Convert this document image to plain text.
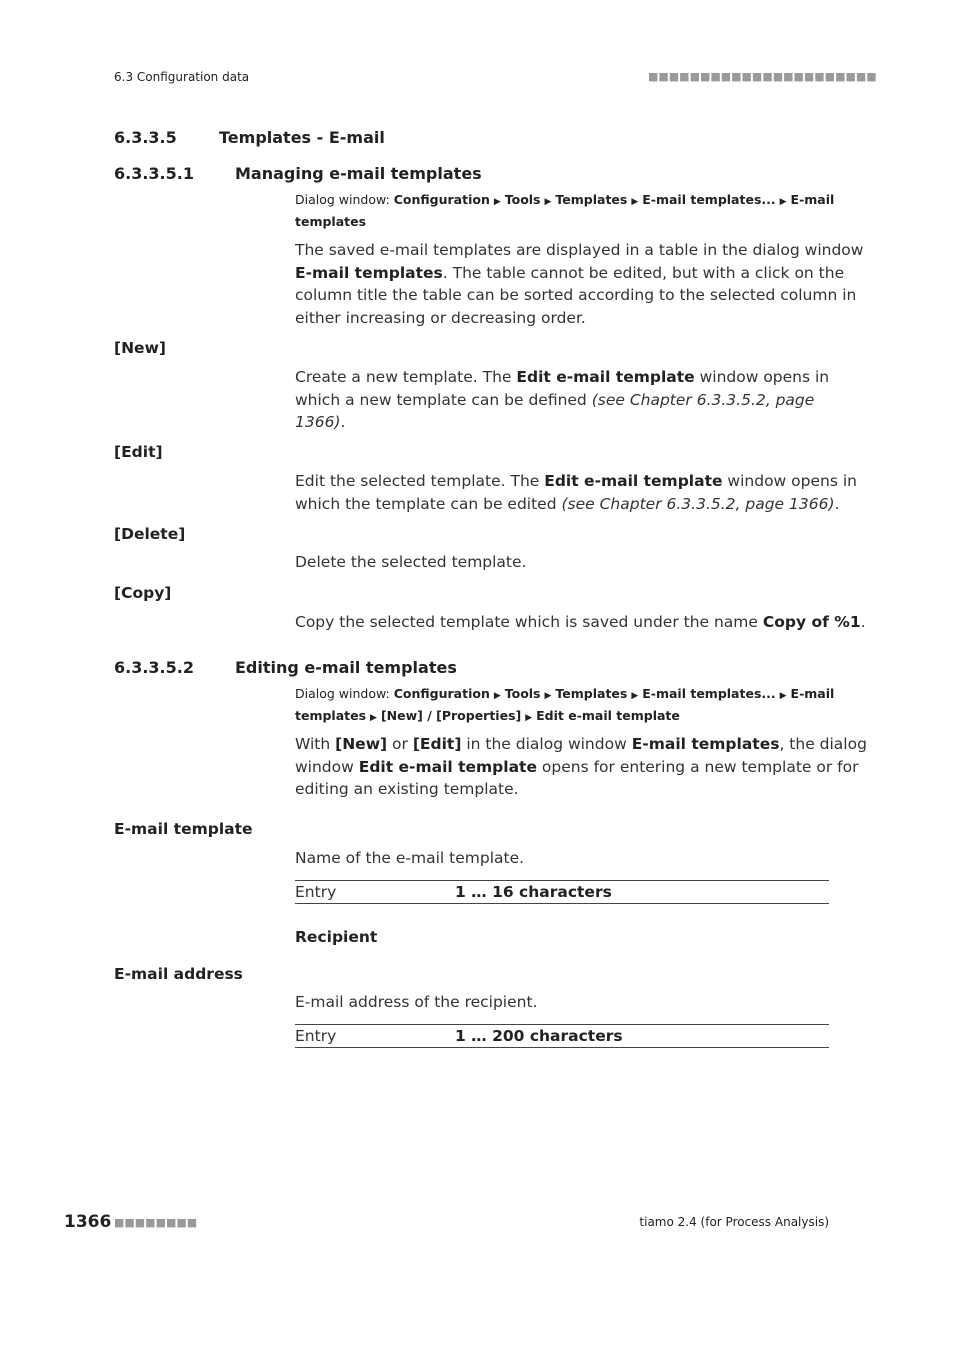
6.3 Configuration data	■■■■■■■■■■■■■■■■■■■■■■
6.3.3.5	Templates - E-mail
6.3.3.5.1	Managing e-mail templates
Dialog window: Configuration ▶ Tools ▶ Templates ▶ E-mail templates... ▶ E-mail
templates
The saved e-mail templates are displayed in a table in the dialog window
E-mail templates. The table cannot be edited, but with a click on the
column title the table can be sorted according to the selected column in
either increasing or decreasing order.
[New]
Create a new template. The Edit e-mail template window opens in
which a new template can be defined (see Chapter 6.3.3.5.2, page
1366).
[Edit]
Edit the selected template. The Edit e-mail template window opens in
which the template can be edited (see Chapter 6.3.3.5.2, page 1366).
[Delete]
Delete the selected template.
[Copy]
Copy the selected template which is saved under the name Copy of %1.
6.3.3.5.2	Editing e-mail templates
Dialog window: Configuration ▶ Tools ▶ Templates ▶ E-mail templates... ▶ E-mail
templates ▶ [New] / [Properties] ▶ Edit e-mail template
With [New] or [Edit] in the dialog window E-mail templates, the dialog
window Edit e-mail template opens for entering a new template or for
editing an existing template.
E-mail template
Name of the e-mail template.
Entry	1 … 16 characters
Recipient
E-mail address
E-mail address of the recipient.
Entry	1 … 200 characters
1366 ■■■■■■■■	tiamo 2.4 (for Process Analysis)
